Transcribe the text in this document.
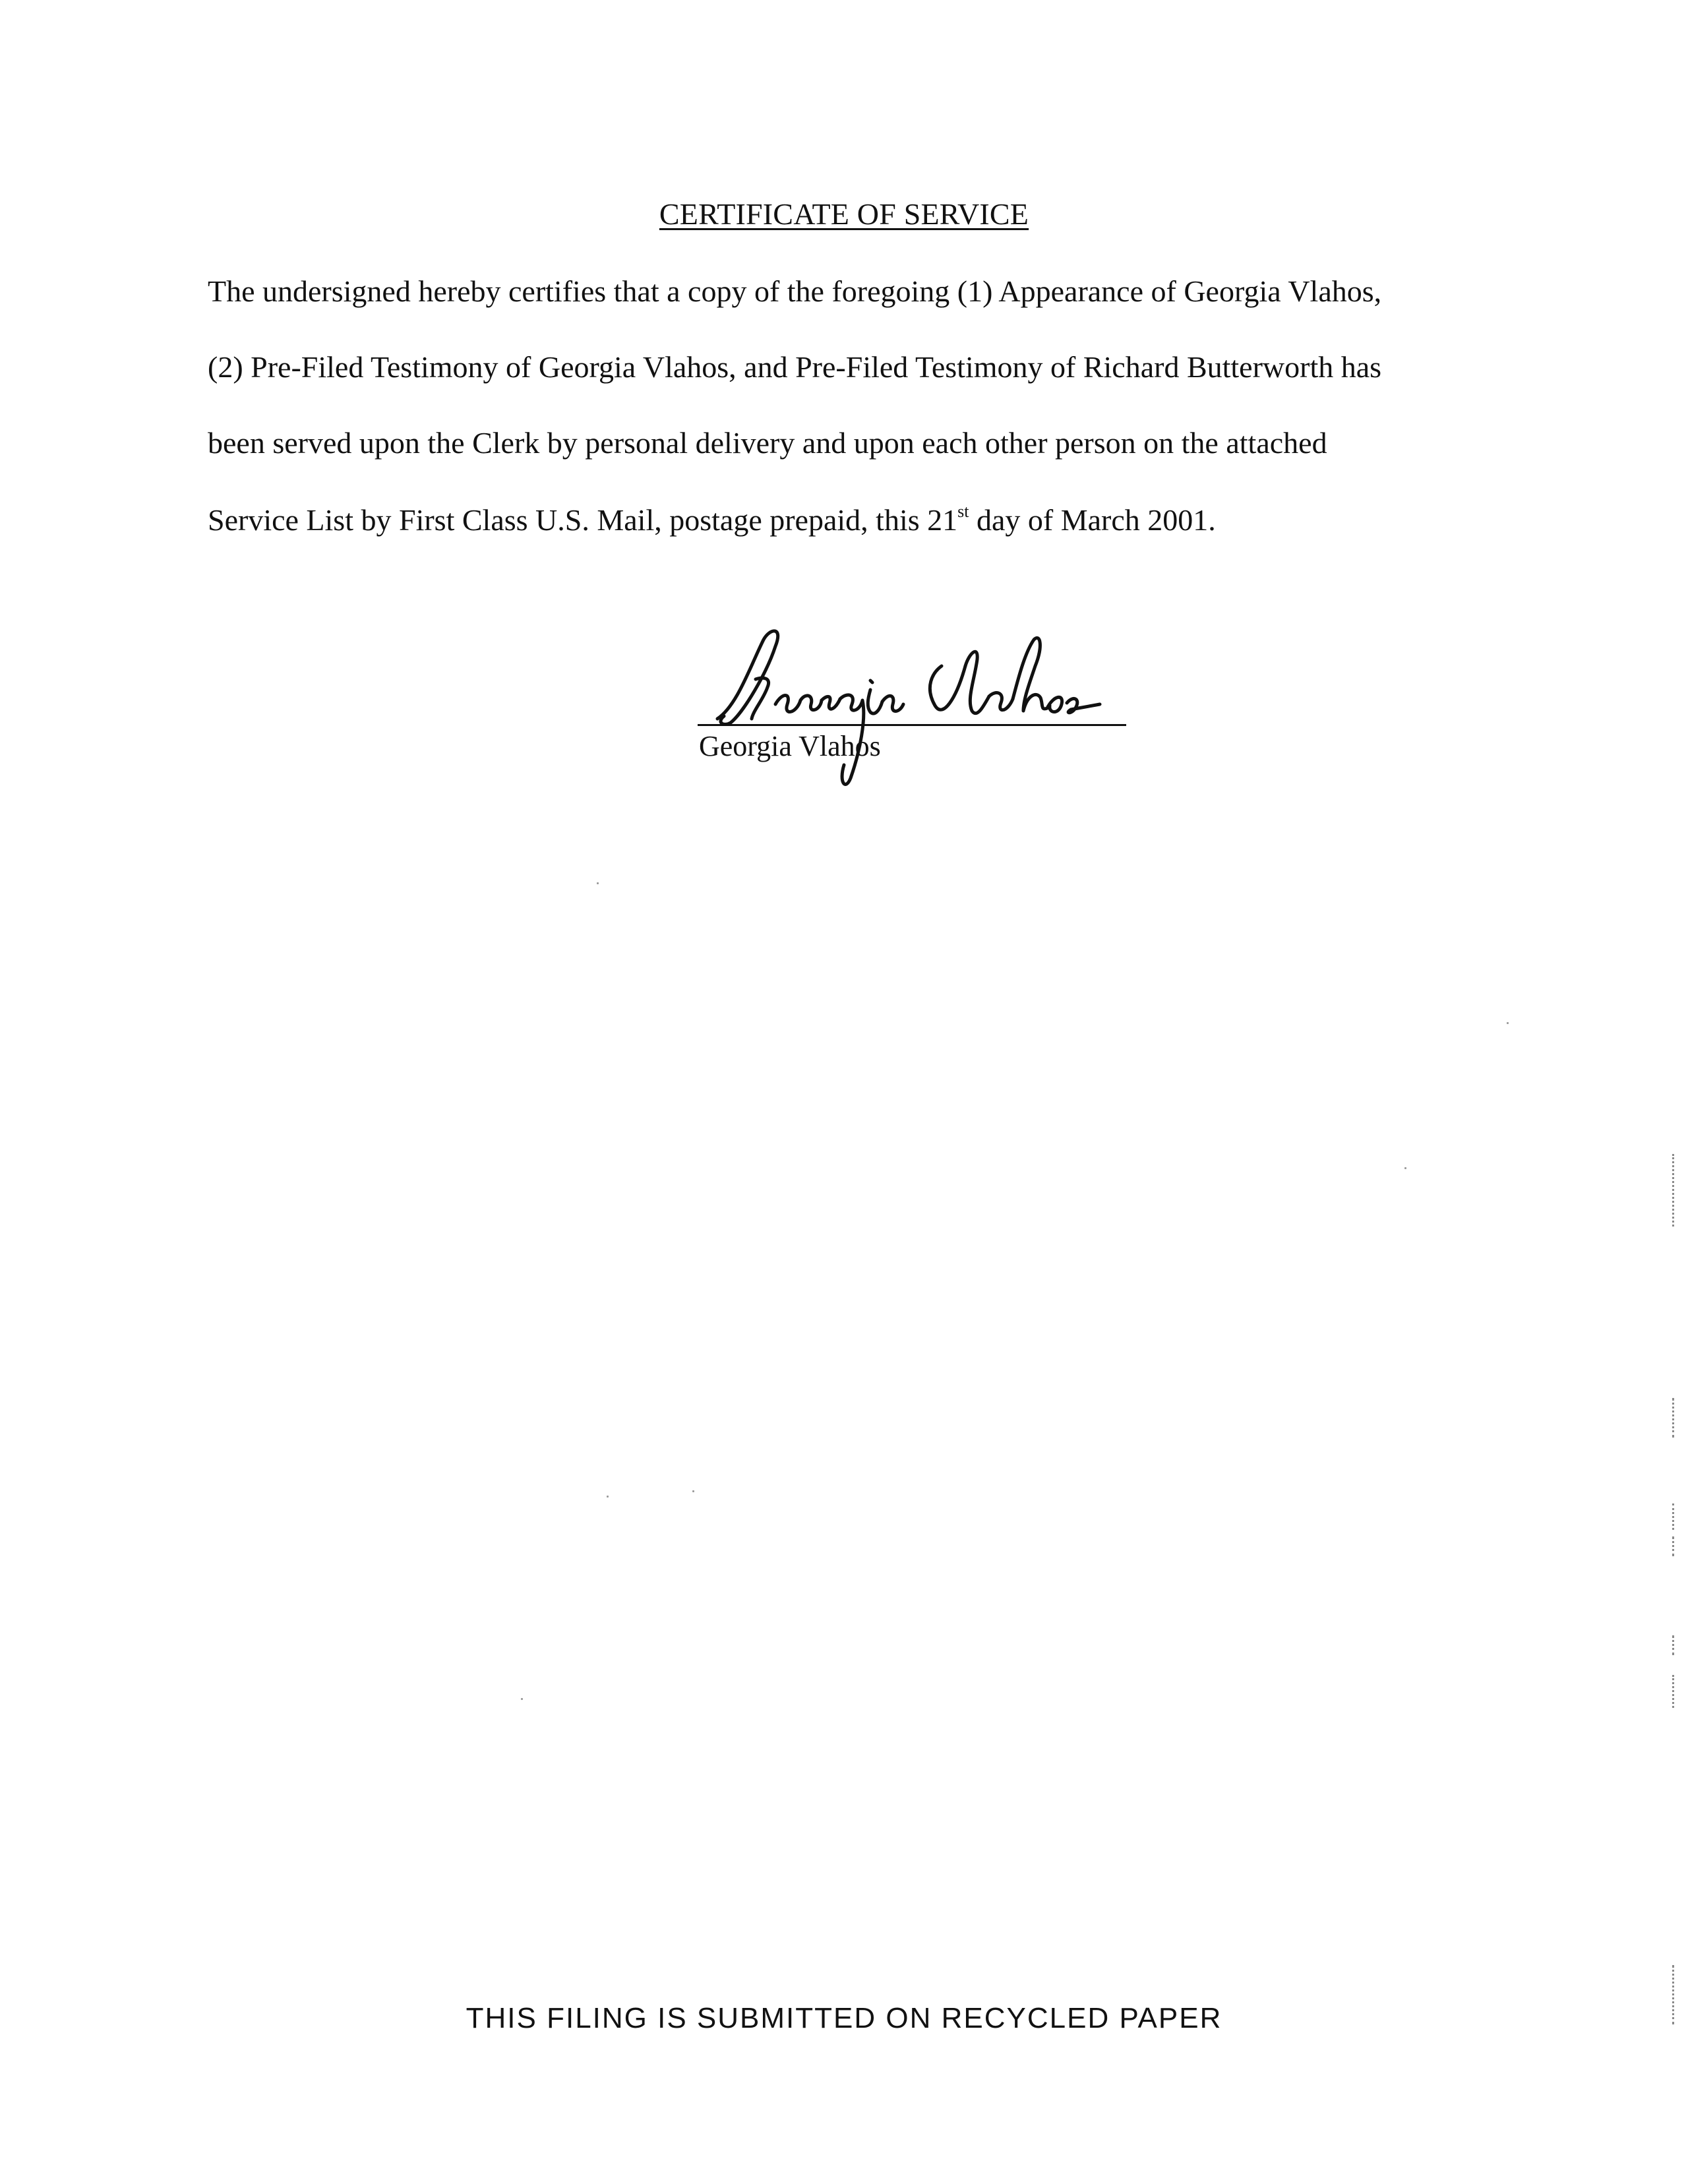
CERTIFICATE OF SERVICE
The undersigned hereby certifies that a copy of the foregoing (1) Appearance of Georgia Vlahos,
(2) Pre-Filed Testimony of Georgia Vlahos, and Pre-Filed Testimony of Richard Butterworth has
been served upon the Clerk by personal delivery and upon each other person on the attached
Service List by First Class U.S. Mail, postage prepaid, this 21st day of March 2001.
Georgia Vlahos
THIS FILING IS SUBMITTED ON RECYCLED PAPER
